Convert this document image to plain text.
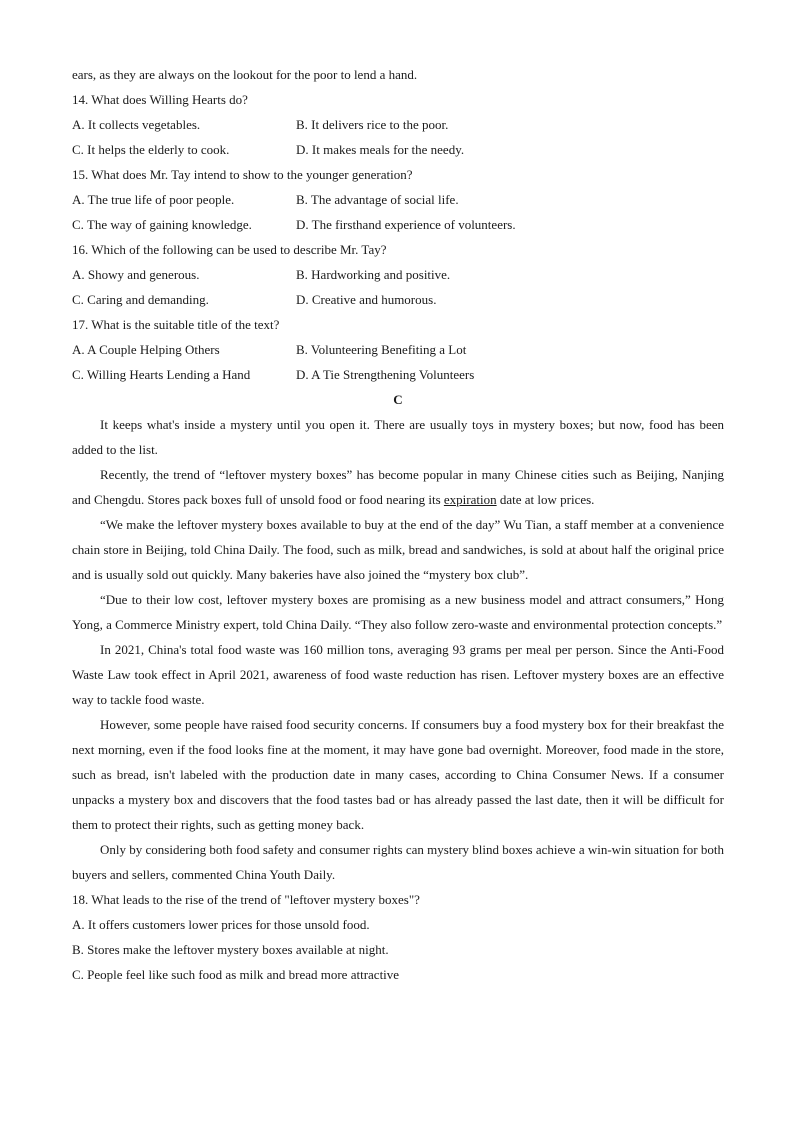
ears, as they are always on the lookout for the poor to lend a hand.
14. What does Willing Hearts do?
A. It collects vegetables.	B. It delivers rice to the poor.
C. It helps the elderly to cook.	D. It makes meals for the needy.
15. What does Mr. Tay intend to show to the younger generation?
A. The true life of poor people.	B. The advantage of social life.
C. The way of gaining knowledge.	D. The firsthand experience of volunteers.
16. Which of the following can be used to describe Mr. Tay?
A. Showy and generous.	B. Hardworking and positive.
C. Caring and demanding.	D. Creative and humorous.
17. What is the suitable title of the text?
A. A Couple Helping Others	B. Volunteering Benefiting a Lot
C. Willing Hearts Lending a Hand	D. A Tie Strengthening Volunteers
C

It keeps what's inside a mystery until you open it. There are usually toys in mystery boxes; but now, food has been added to the list.

Recently, the trend of “leftover mystery boxes” has become popular in many Chinese cities such as Beijing, Nanjing and Chengdu. Stores pack boxes full of unsold food or food nearing its expiration date at low prices.

“We make the leftover mystery boxes available to buy at the end of the day” Wu Tian, a staff member at a convenience chain store in Beijing, told China Daily. The food, such as milk, bread and sandwiches, is sold at about half the original price and is usually sold out quickly. Many bakeries have also joined the “mystery box club”.

“Due to their low cost, leftover mystery boxes are promising as a new business model and attract consumers,” Hong Yong, a Commerce Ministry expert, told China Daily. “They also follow zero-waste and environmental protection concepts.”

In 2021, China's total food waste was 160 million tons, averaging 93 grams per meal per person. Since the Anti-Food Waste Law took effect in April 2021, awareness of food waste reduction has risen. Leftover mystery boxes are an effective way to tackle food waste.

However, some people have raised food security concerns. If consumers buy a food mystery box for their breakfast the next morning, even if the food looks fine at the moment, it may have gone bad overnight. Moreover, food made in the store, such as bread, isn't labeled with the production date in many cases, according to China Consumer News. If a consumer unpacks a mystery box and discovers that the food tastes bad or has already passed the last date, then it will be difficult for them to protect their rights, such as getting money back.

Only by considering both food safety and consumer rights can mystery blind boxes achieve a win-win situation for both buyers and sellers, commented China Youth Daily.

18. What leads to the rise of the trend of "leftover mystery boxes"?
A. It offers customers lower prices for those unsold food.
B. Stores make the leftover mystery boxes available at night.
C. People feel like such food as milk and bread more attractive
